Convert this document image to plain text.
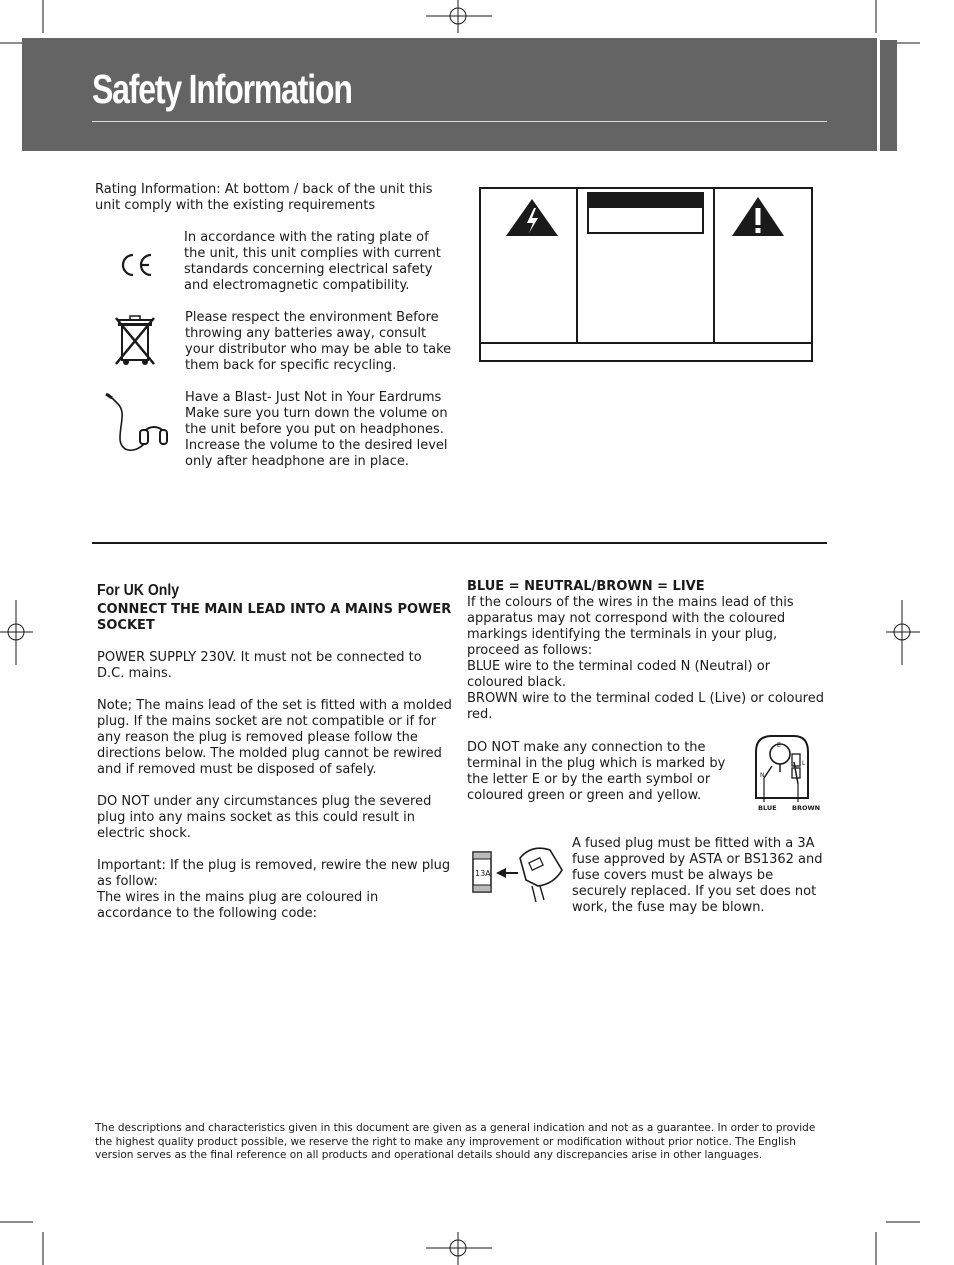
Safety Information
Rating Information: At bottom / back of the unit this unit comply with the existing requirements
In accordance with the rating plate of the unit, this unit complies with current standards concerning electrical safety and electromagnetic compatibility.
Please respect the environment Before throwing any batteries away, consult your distributor who may be able to take them back for specific recycling.
Have a Blast- Just Not in Your Eardrums Make sure you turn down the volume on the unit before you put on headphones. Increase the volume to the desired level only after headphone are in place.
For UK Only

CONNECT THE MAIN LEAD INTO A MAINS POWER SOCKET

POWER SUPPLY 230V. It must not be connected to D.C. mains.

Note; The mains lead of the set is fitted with a molded plug. If the mains socket are not compatible or if for any reason the plug is removed please follow the directions below. The molded plug cannot be rewired and if removed must be disposed of safely.

DO NOT under any circumstances plug the severed plug into any mains socket as this could result in electric shock.

Important: If the plug is removed, rewire the new plug as follow:

The wires in the mains plug are coloured in accordance to the following code:

BLUE = NEUTRAL/BROWN = LIVE
If the colours of the wires in the mains lead of this apparatus may not correspond with the coloured markings identifying the terminals in your plug, proceed as follows:
BLUE wire to the terminal coded N (Neutral) or coloured black.
BROWN wire to the terminal coded L (Live) or coloured red.
DO NOT make any connection to the terminal in the plug which is marked by the letter E or by the earth symbol or coloured green or green and yellow.
N
E
L
BLUE BROWN
13A
A fused plug must be fitted with a 3A fuse approved by ASTA or BS1362 and fuse covers must be always be securely replaced. If you set does not work, the fuse may be blown.
The descriptions and characteristics given in this document are given as a general indication and not as a guarantee. In order to provide the highest quality product possible, we reserve the right to make any improvement or modification without prior notice. The English version serves as the final reference on all products and operational details should any discrepancies arise in other languages.
